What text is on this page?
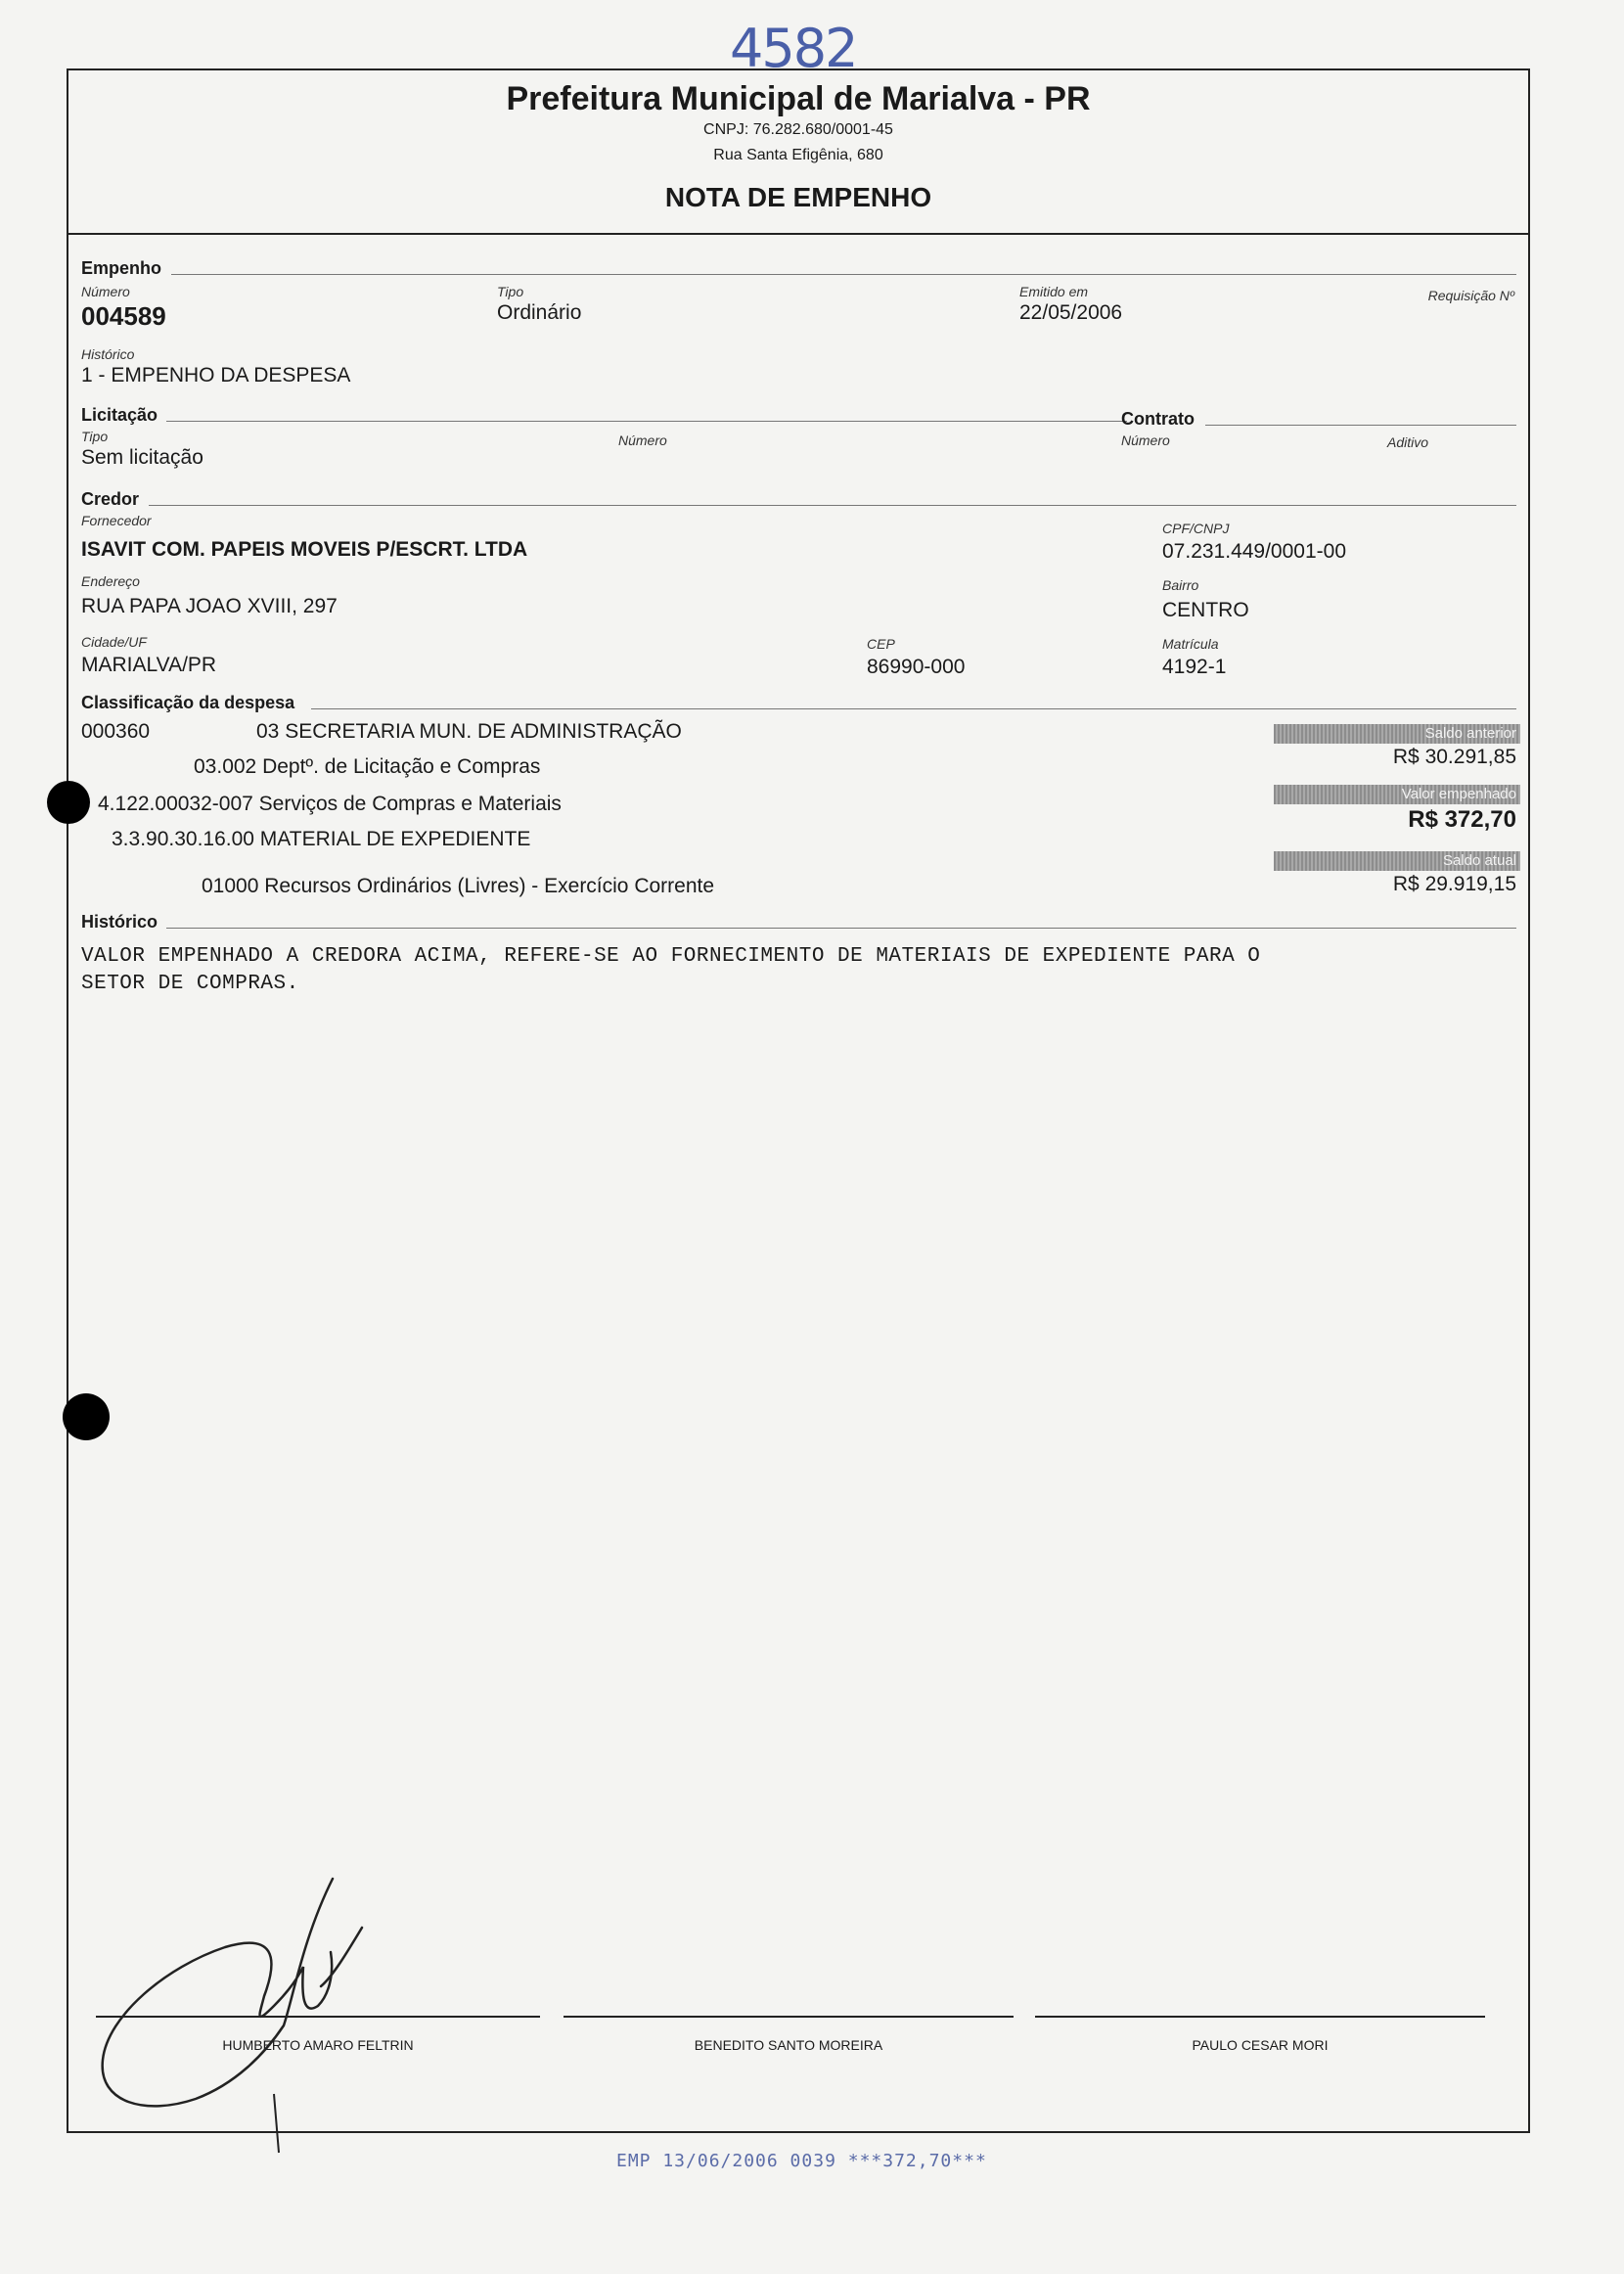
4582
Prefeitura Municipal de Marialva - PR
CNPJ: 76.282.680/0001-45
Rua Santa Efigênia, 680
NOTA DE EMPENHO
Empenho
Número
004589
Tipo
Ordinário
Emitido em
22/05/2006
Requisição Nº
Histórico
1 - EMPENHO DA DESPESA
Licitação
Tipo
Sem licitação
Número
Contrato
Número	Aditivo
Credor
Fornecedor
ISAVIT COM. PAPEIS MOVEIS P/ESCRT. LTDA
CPF/CNPJ
07.231.449/0001-00
Endereço
RUA PAPA JOAO XVIII, 297
Bairro
CENTRO
Cidade/UF
MARIALVA/PR
CEP
86990-000
Matrícula
4192-1
Classificação da despesa
000360	03 SECRETARIA MUN. DE ADMINISTRAÇÃO
03.002 Deptº. de Licitação e Compras
4.122.00032-007 Serviços de Compras e Materiais
3.3.90.30.16.00 MATERIAL DE EXPEDIENTE
01000 Recursos Ordinários (Livres) - Exercício Corrente
Saldo anterior
R$ 30.291,85
Valor empenhado
R$ 372,70
Saldo atual
R$ 29.919,15
Histórico
VALOR EMPENHADO A CREDORA ACIMA, REFERE-SE AO FORNECIMENTO DE MATERIAIS DE EXPEDIENTE PARA O
SETOR DE COMPRAS.
HUMBERTO AMARO FELTRIN	BENEDITO SANTO MOREIRA	PAULO CESAR MORI
EMP 13/06/2006 0039 ***372,70***
